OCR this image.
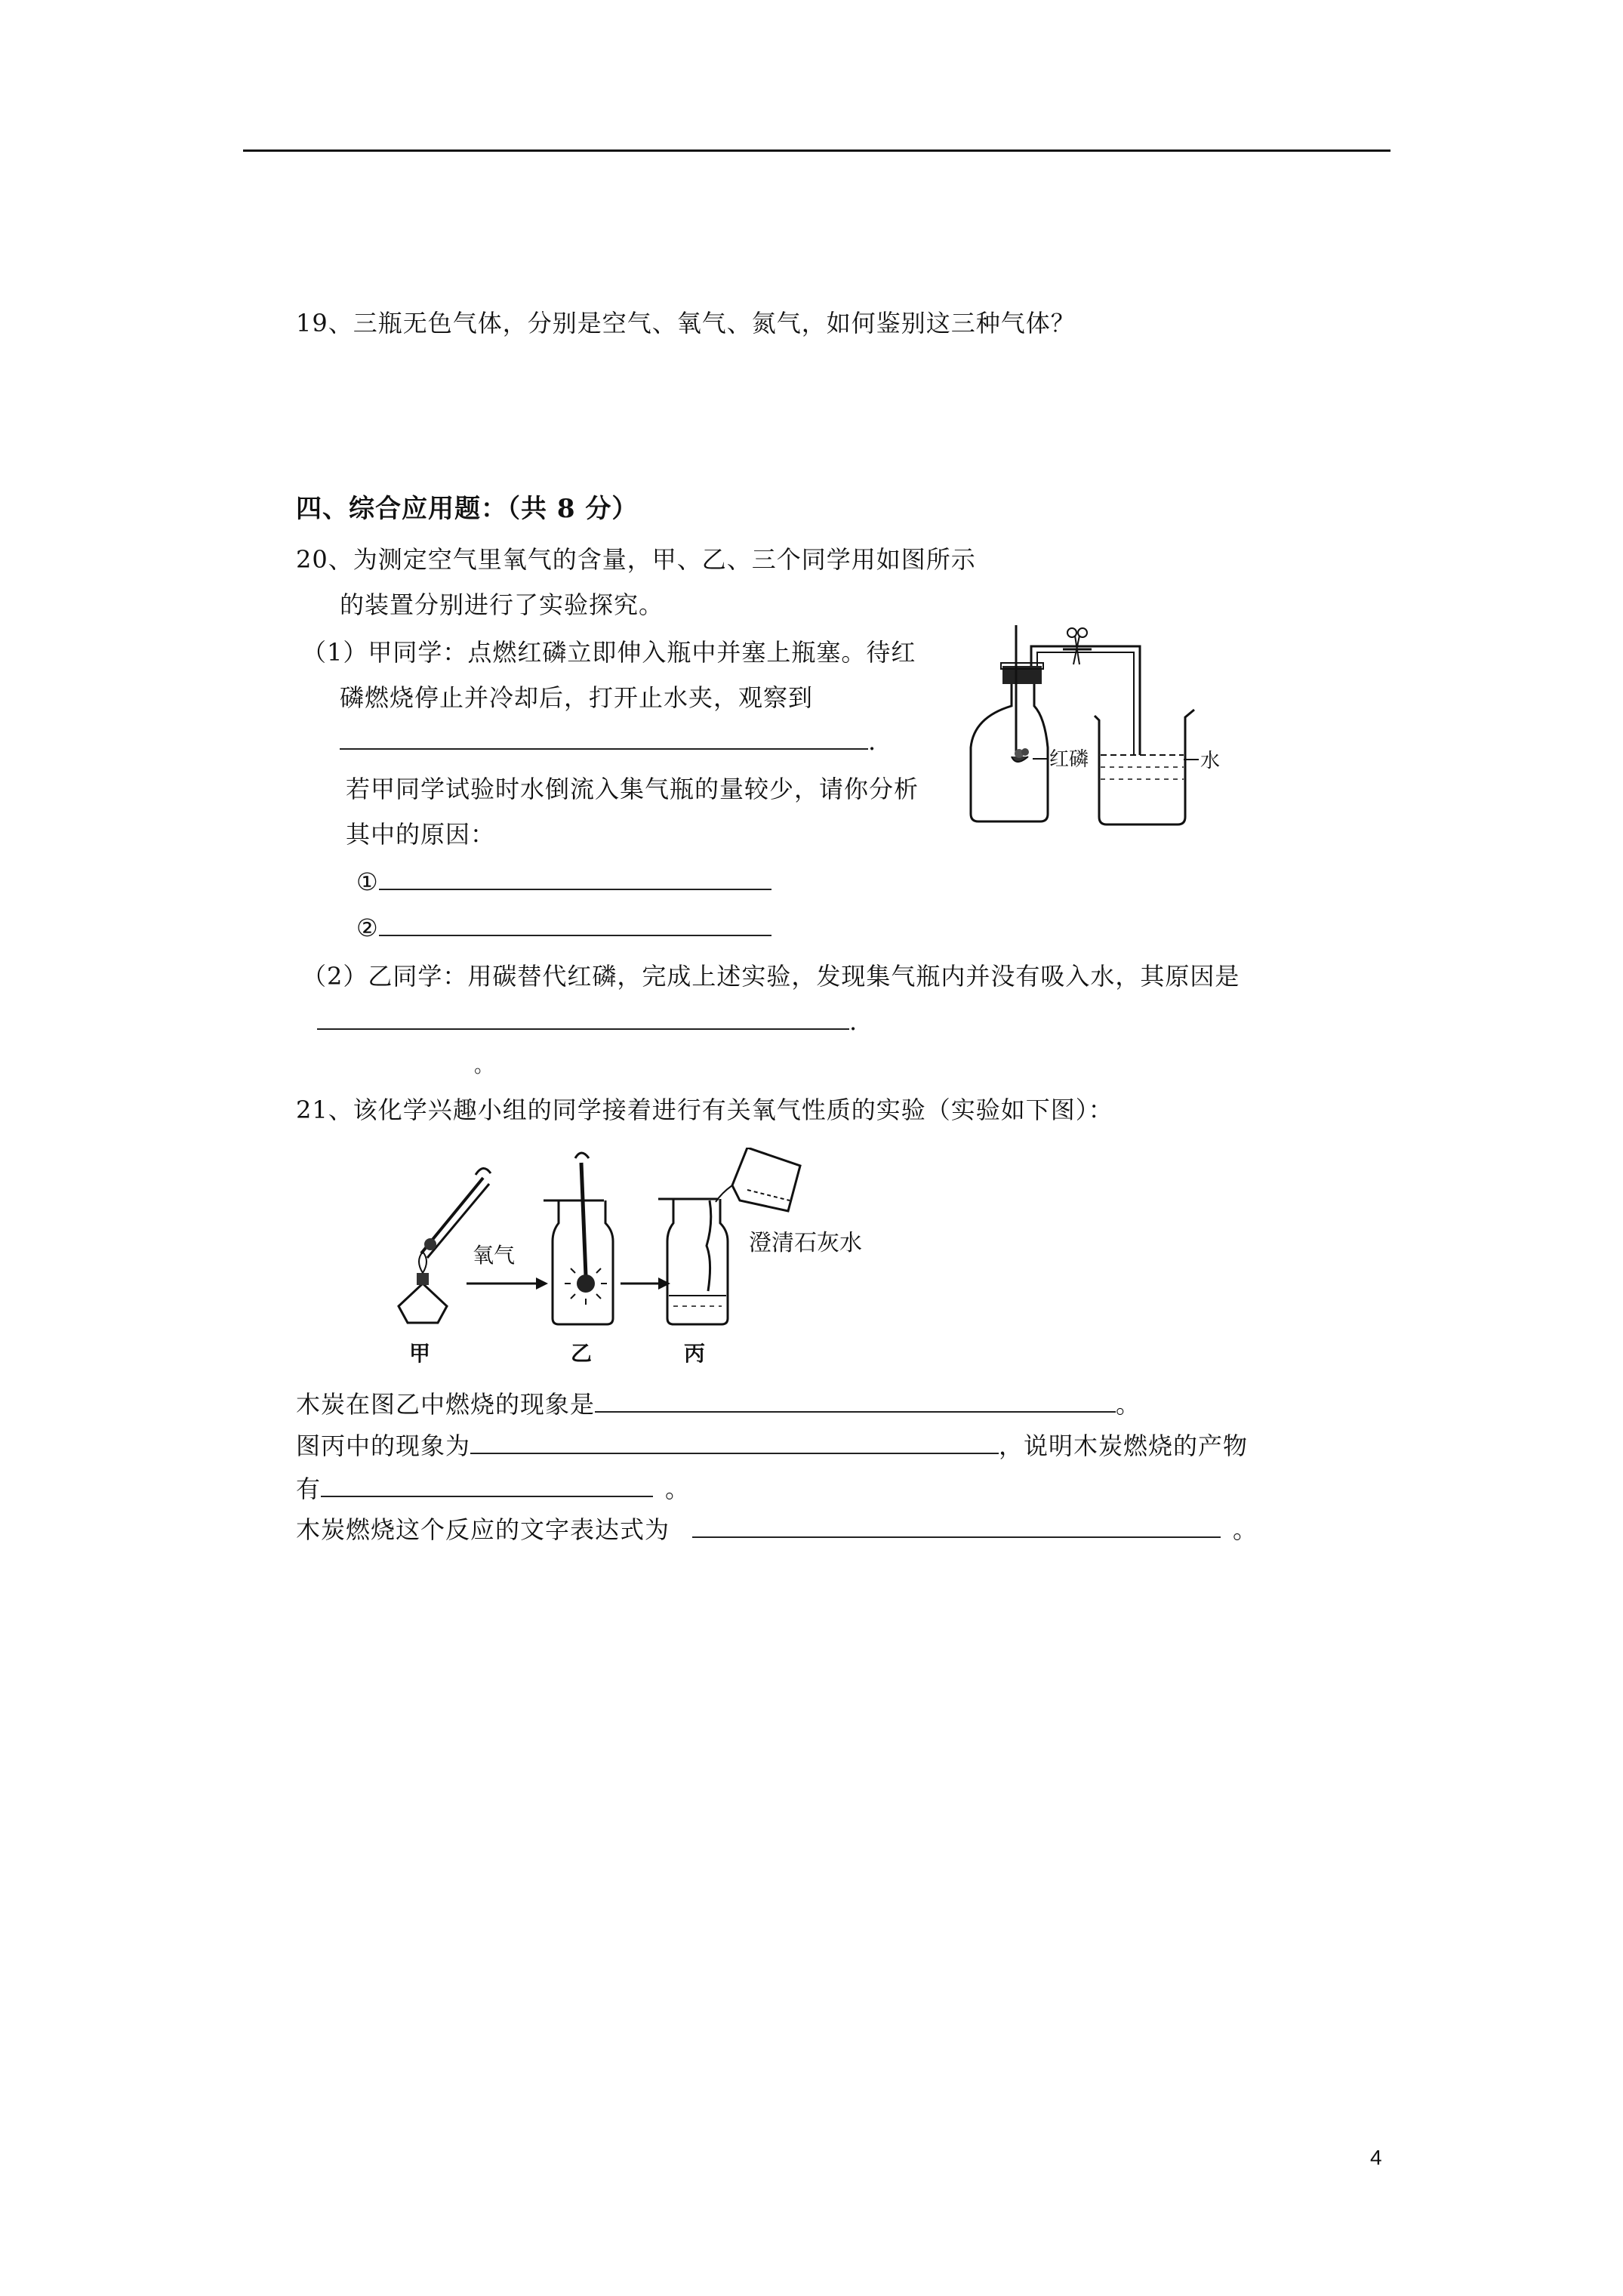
19、三瓶无色气体，分别是空气、氧气、氮气，如何鉴别这三种气体？
四、综合应用题：（共 8 分）
20、为测定空气里氧气的含量，甲、乙、三个同学用如图所示
的装置分别进行了实验探究。
（1）甲同学：点燃红磷立即伸入瓶中并塞上瓶塞。待红
磷燃烧停止并冷却后，打开止水夹，观察到
.
若甲同学试验时水倒流入集气瓶的量较少，请你分析
其中的原因：
①
②
（2）乙同学：用碳替代红磷，完成上述实验，发现集气瓶内并没有吸入水，其原因是
.
。
红磷	水
21、该化学兴趣小组的同学接着进行有关氧气性质的实验（实验如下图）：
氧气	澄清石灰水
甲	乙	丙
木炭在图乙中燃烧的现象是	。
图丙中的现象为	，说明木炭燃烧的产物
有	。
木炭燃烧这个反应的文字表达式为	。
4
